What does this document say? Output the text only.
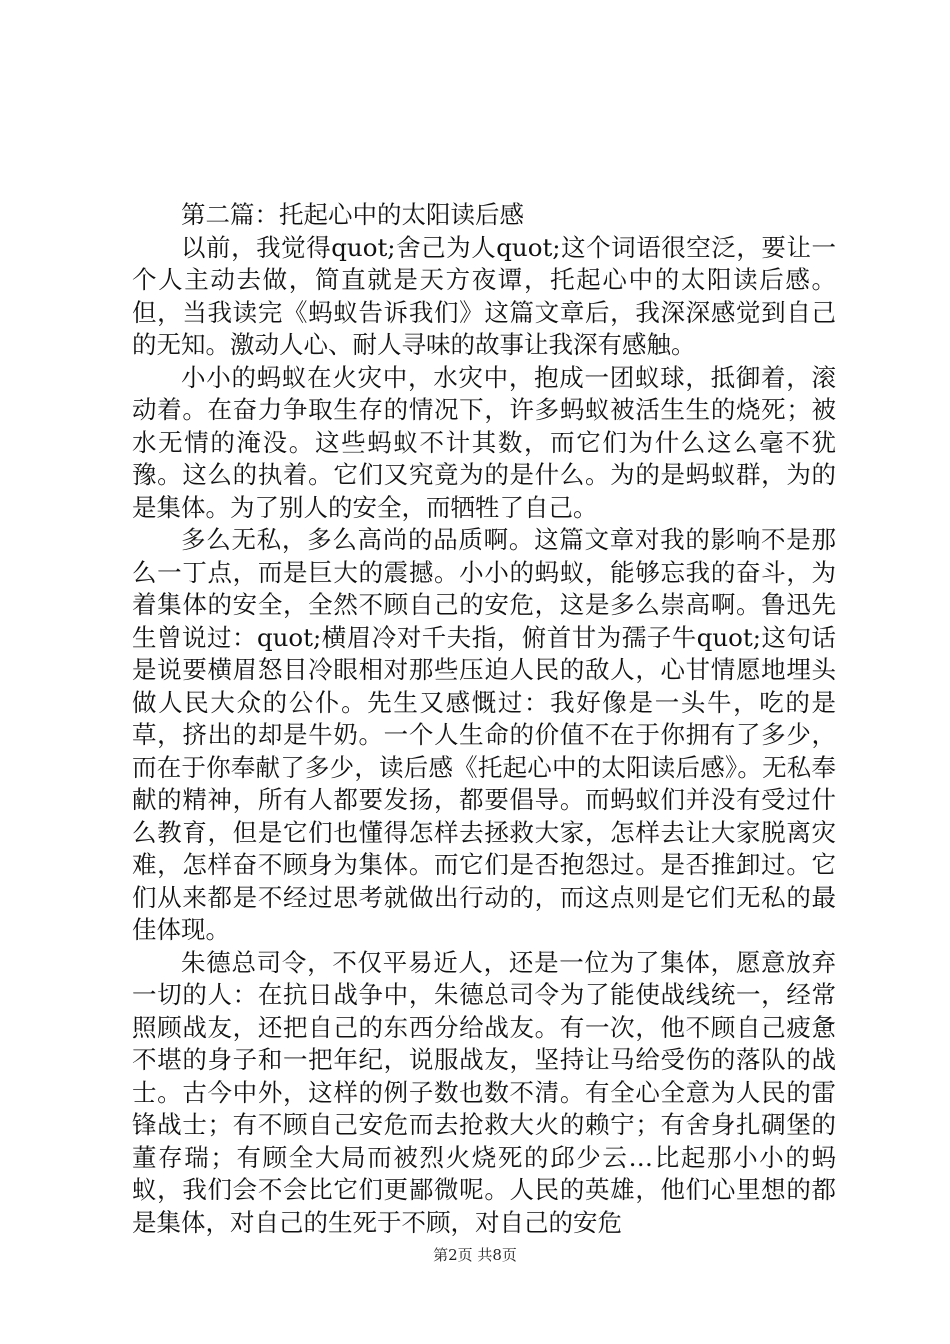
第二篇：托起心中的太阳读后感

以前，我觉得quot;舍己为人quot;这个词语很空泛，要让一个人主动去做，简直就是天方夜谭，托起心中的太阳读后感。但，当我读完《蚂蚁告诉我们》这篇文章后，我深深感觉到自己的无知。激动人心、耐人寻味的故事让我深有感触。

小小的蚂蚁在火灾中，水灾中，抱成一团蚁球，抵御着，滚动着。在奋力争取生存的情况下，许多蚂蚁被活生生的烧死；被水无情的淹没。这些蚂蚁不计其数，而它们为什么这么毫不犹豫。这么的执着。它们又究竟为的是什么。为的是蚂蚁群，为的是集体。为了别人的安全，而牺牲了自己。

多么无私，多么高尚的品质啊。这篇文章对我的影响不是那么一丁点，而是巨大的震撼。小小的蚂蚁，能够忘我的奋斗，为着集体的安全，全然不顾自己的安危，这是多么崇高啊。鲁迅先生曾说过：quot;横眉冷对千夫指，俯首甘为孺子牛quot;这句话是说要横眉怒目冷眼相对那些压迫人民的敌人，心甘情愿地埋头做人民大众的公仆。先生又感慨过：我好像是一头牛，吃的是草，挤出的却是牛奶。一个人生命的价值不在于你拥有了多少，而在于你奉献了多少，读后感《托起心中的太阳读后感》。无私奉献的精神，所有人都要发扬，都要倡导。而蚂蚁们并没有受过什么教育，但是它们也懂得怎样去拯救大家，怎样去让大家脱离灾难，怎样奋不顾身为集体。而它们是否抱怨过。是否推卸过。它们从来都是不经过思考就做出行动的，而这点则是它们无私的最佳体现。

朱德总司令，不仅平易近人，还是一位为了集体，愿意放弃一切的人：在抗日战争中，朱德总司令为了能使战线统一，经常照顾战友，还把自己的东西分给战友。有一次，他不顾自己疲惫不堪的身子和一把年纪，说服战友，坚持让马给受伤的落队的战士。古今中外，这样的例子数也数不清。有全心全意为人民的雷锋战士；有不顾自己安危而去抢救大火的赖宁；有舍身扎碉堡的董存瑞；有顾全大局而被烈火烧死的邱少云…比起那小小的蚂蚁，我们会不会比它们更鄙微呢。人民的英雄，他们心里想的都是集体，对自己的生死于不顾，对自己的安危

第2页 共8页
